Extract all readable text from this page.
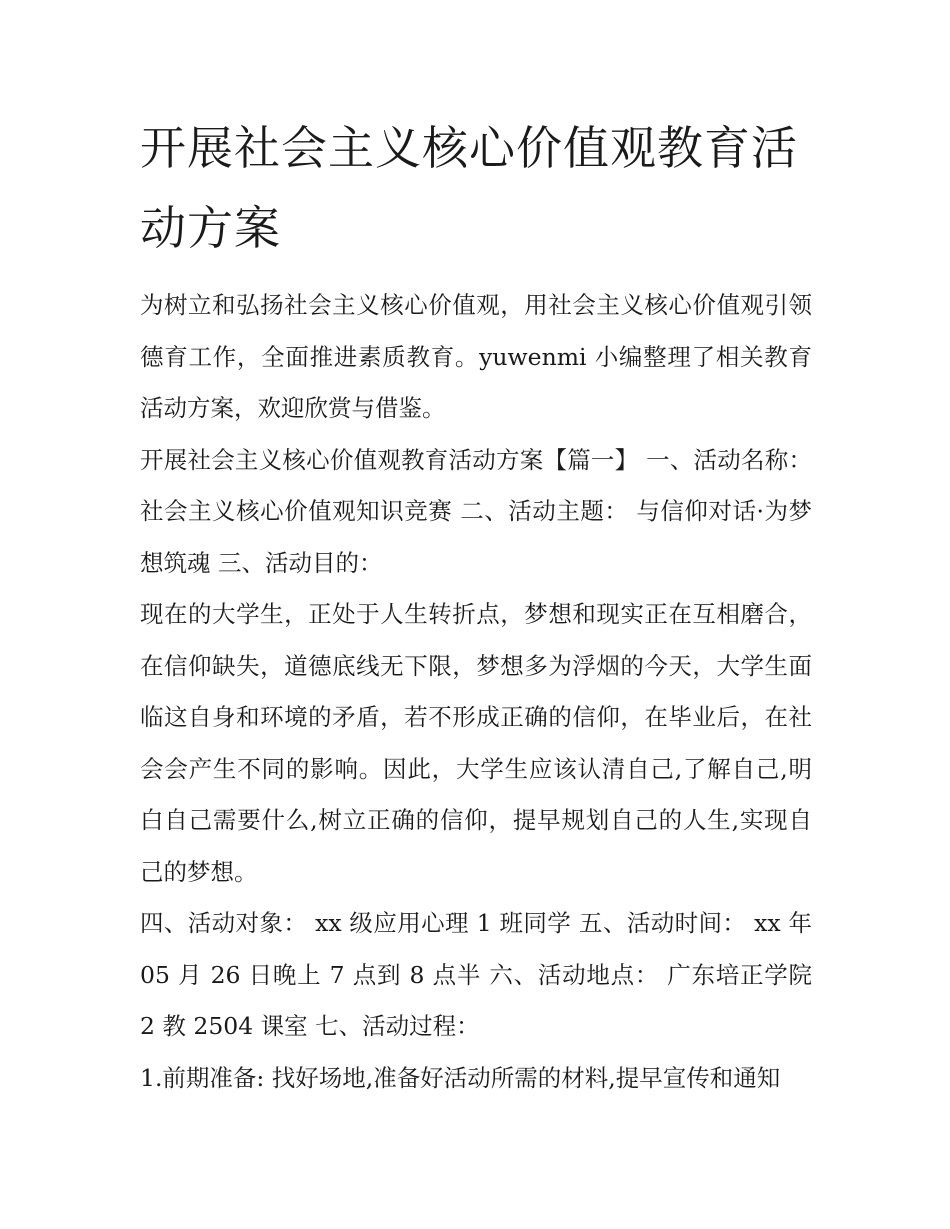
开展社会主义核心价值观教育活动方案

为树立和弘扬社会主义核心价值观，用社会主义核心价值观引领德育工作，全面推进素质教育。yuwenmi 小编整理了相关教育活动方案，欢迎欣赏与借鉴。

开展社会主义核心价值观教育活动方案【篇一】 一、活动名称： 社会主义核心价值观知识竞赛 二、活动主题： 与信仰对话·为梦想筑魂 三、活动目的：

现在的大学生，正处于人生转折点，梦想和现实正在互相磨合，在信仰缺失，道德底线无下限，梦想多为浮烟的今天，大学生面临这自身和环境的矛盾，若不形成正确的信仰，在毕业后，在社会会产生不同的影响。因此，大学生应该认清自己,了解自己,明白自己需要什么,树立正确的信仰，提早规划自己的人生,实现自己的梦想。

四、活动对象： xx 级应用心理 1 班同学 五、活动时间： xx 年 05 月 26 日晚上 7 点到 8 点半 六、活动地点： 广东培正学院 2 教 2504 课室 七、活动过程：

1.前期准备: 找好场地,准备好活动所需的材料,提早宣传和通知
